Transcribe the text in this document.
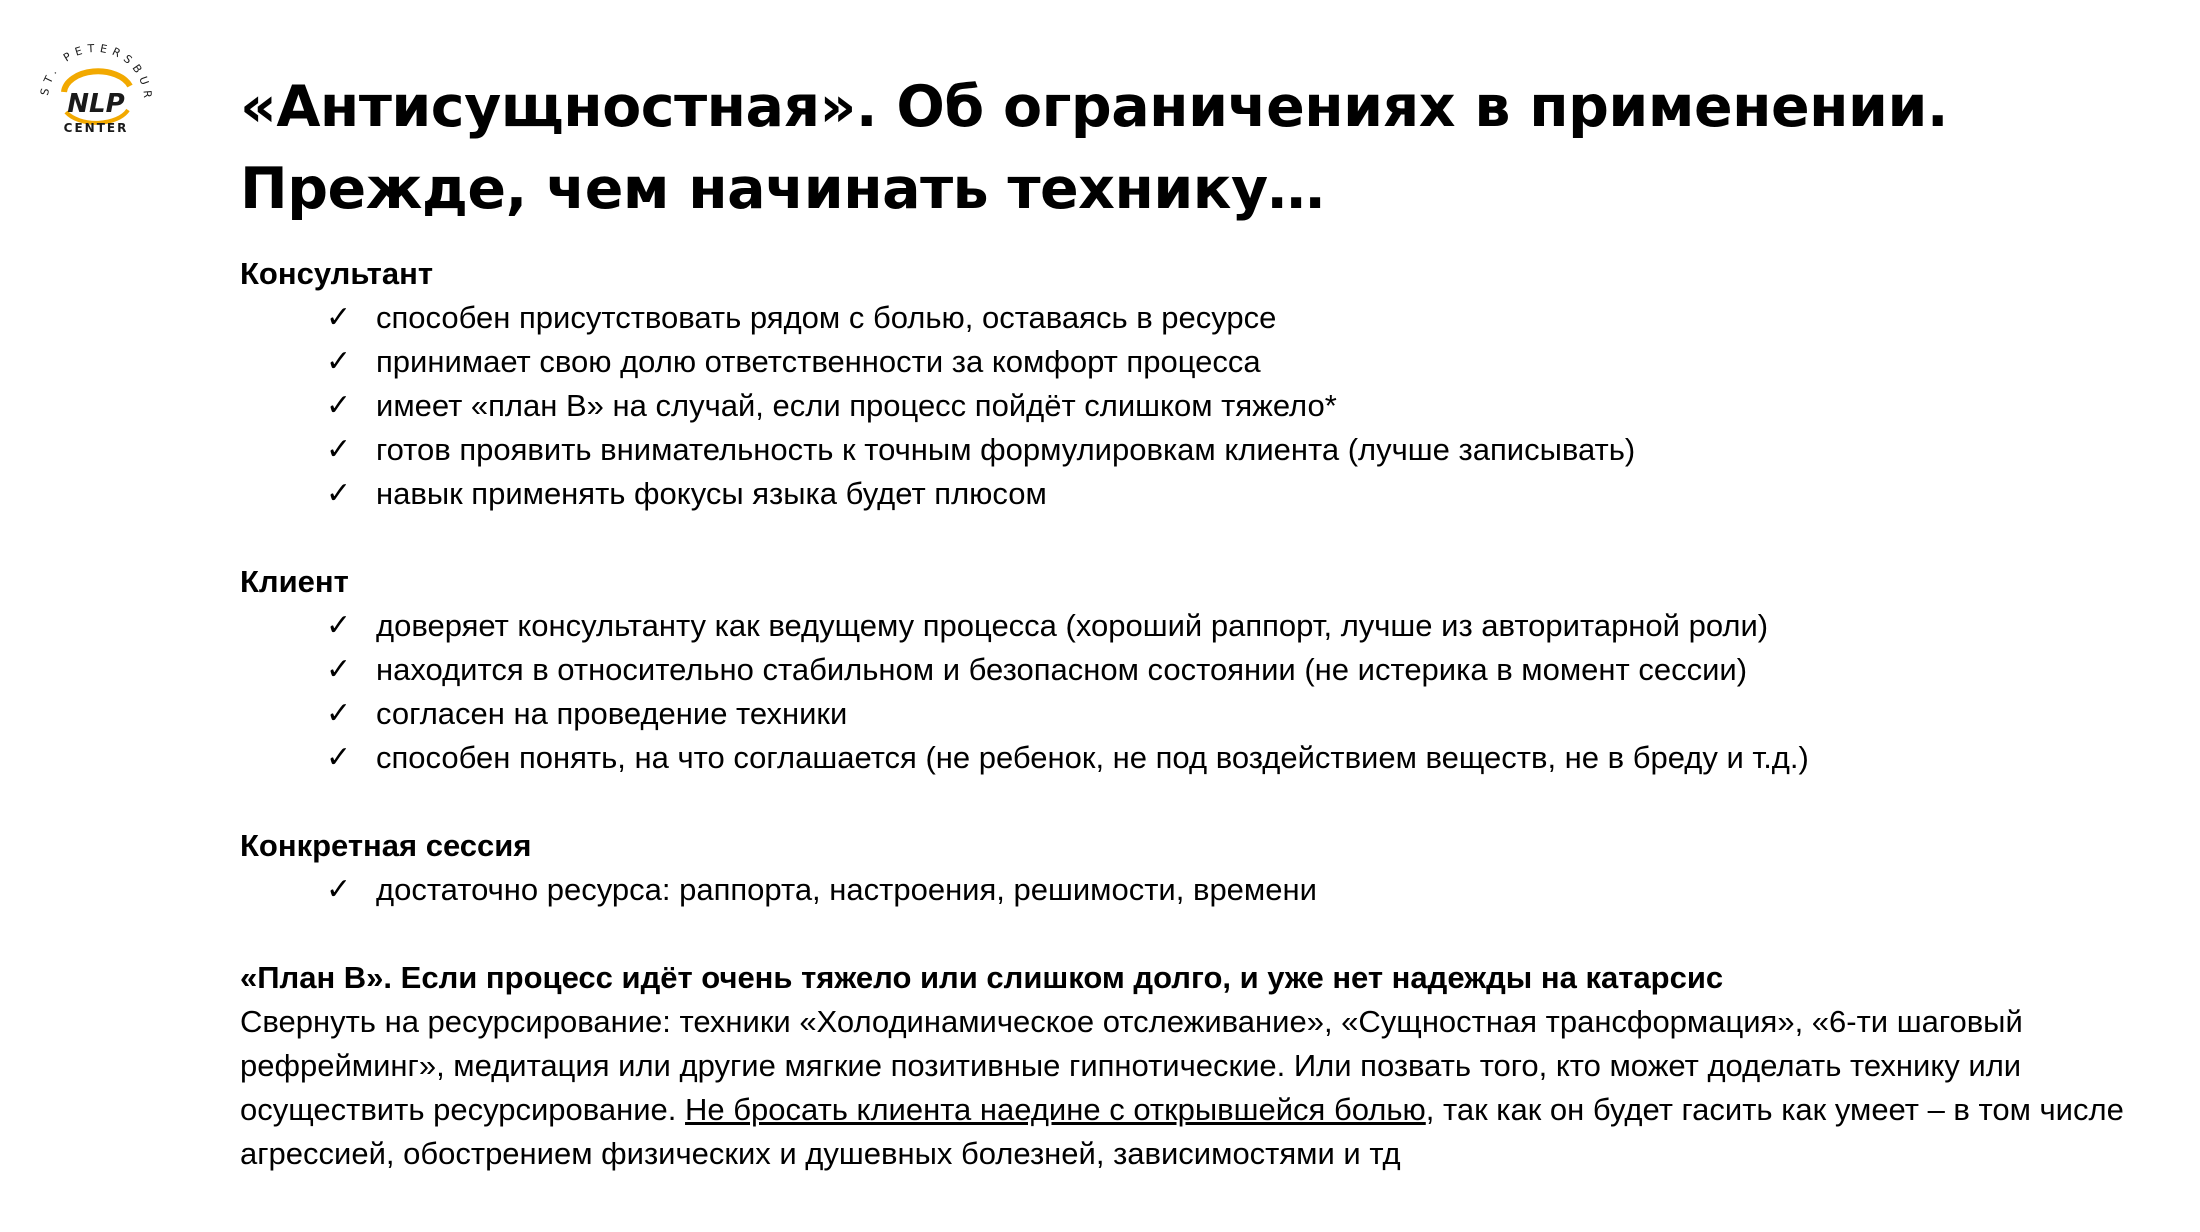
ST. PETERSBUR
NLP
CENTER «Антисущностная». Об ограничениях в применении.
Прежде, чем начинать технику…
Консультант
✓ способен присутствовать рядом с болью, оставаясь в ресурсе
✓ принимает свою долю ответственности за комфорт процесса
✓ имеет «план В» на случай, если процесс пойдёт слишком тяжело*
✓ готов проявить внимательность к точным формулировкам клиента (лучше записывать)
✓ навык применять фокусы языка будет плюсом
Клиент
✓ доверяет консультанту как ведущему процесса (хороший раппорт, лучше из авторитарной роли)
✓ находится в относительно стабильном и безопасном состоянии (не истерика в момент сессии)
✓ согласен на проведение техники
✓ способен понять, на что соглашается (не ребенок, не под воздействием веществ, не в бреду и т.д.)
Конкретная сессия
✓ достаточно ресурса: раппорта, настроения, решимости, времени
«План В». Если процесс идёт очень тяжело или слишком долго, и уже нет надежды на катарсис
Свернуть на ресурсирование: техники «Холодинамическое отслеживание», «Сущностная трансформация», «6-ти шаговый рефрейминг», медитация или другие мягкие позитивные гипнотические. Или позвать того, кто может доделать технику или осуществить ресурсирование. Не бросать клиента наедине с открывшейся болью, так как он будет гасить как умеет – в том числе агрессией, обострением физических и душевных болезней, зависимостями и тд
